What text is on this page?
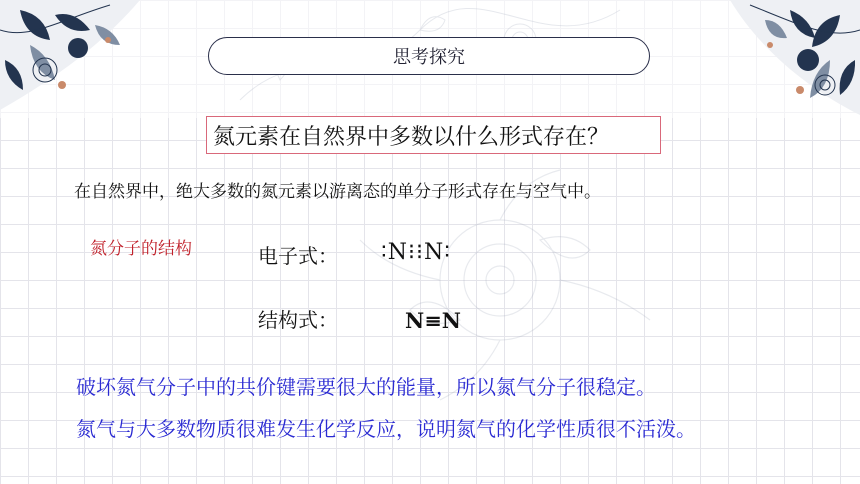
思考探究
氮元素在自然界中多数以什么形式存在？
在自然界中，绝大多数的氮元素以游离态的单分子形式存在与空气中。
氮分子的结构	电子式： ∶N⁝⁝N∶
结构式：	N≡N
破坏氮气分子中的共价键需要很大的能量，所以氮气分子很稳定。
氮气与大多数物质很难发生化学反应，说明氮气的化学性质很不活泼。
